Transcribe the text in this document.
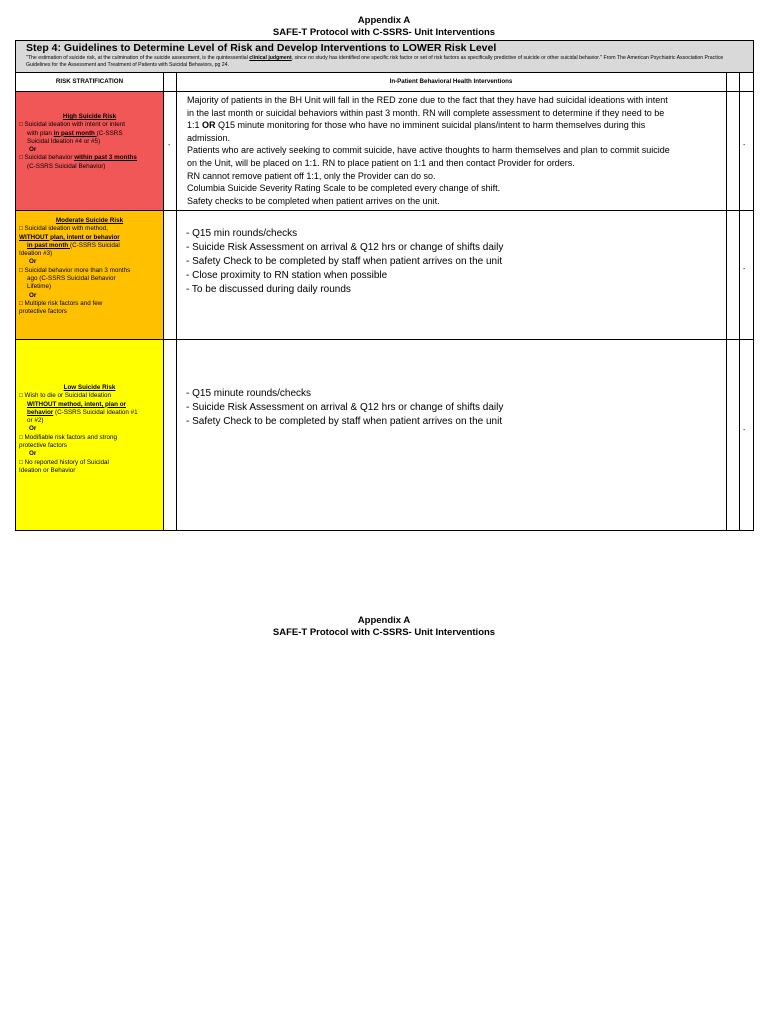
Appendix A
SAFE-T Protocol with C-SSRS- Unit Interventions
Step 4: Guidelines to Determine Level of Risk and Develop Interventions to LOWER Risk Level
"The estimation of suicide risk, at the culmination of the suicide assessment, is the quintessential clinical judgment, since no study has identified one specific risk factor or set of risk factors as specifically predictive of suicide or other suicidal behavior." From The American Psychiatric Association Practice Guidelines for the Assessment and Treatment of Patients with Suicidal Behaviors, pg 24.
RISK STRATIFICATION	In-Patient Behavioral Health Interventions
High Suicide Risk
□ Suicidal ideation with intent or intent
with plan in past month (C-SSRS
Suicidal Ideation #4 or #5)
Or
□ Suicidal behavior within past 3 months
(C-SSRS Suicidal Behavior)
-
Majority of patients in the BH Unit will fall in the RED zone due to the fact that they have had suicidal ideations with intent
in the last month or suicidal behaviors within past 3 month. RN will complete assessment to determine if they need to be
1:1 OR Q15 minute monitoring for those who have no imminent suicidal plans/intent to harm themselves during this
admission.
Patients who are actively seeking to commit suicide, have active thoughts to harm themselves and plan to commit suicide
on the Unit, will be placed on 1:1. RN to place patient on 1:1 and then contact Provider for orders.
RN cannot remove patient off 1:1, only the Provider can do so.
Columbia Suicide Severity Rating Scale to be completed every change of shift.
Safety checks to be completed when patient arrives on the unit.
-
Moderate Suicide Risk
□ Suicidal ideation with method,
WITHOUT plan, intent or behavior
in past month (C-SSRS Suicidal
Ideation #3)
Or
□ Suicidal behavior more than 3 months
ago (C-SSRS Suicidal Behavior
Lifetime)
Or
□ Multiple risk factors and few
protective factors
- Q15 min rounds/checks
- Suicide Risk Assessment on arrival & Q12 hrs or change of shifts daily
- Safety Check to be completed by staff when patient arrives on the unit
- Close proximity to RN station when possible
- To be discussed during daily rounds
-
Low Suicide Risk
□ Wish to die or Suicidal Ideation
WITHOUT method, intent, plan or
behavior (C-SSRS Suicidal Ideation #1
or #2)
Or
□ Modifiable risk factors and strong
protective factors
Or
□ No reported history of Suicidal
Ideation or Behavior
- Q15 minute rounds/checks
- Suicide Risk Assessment on arrival & Q12 hrs or change of shifts daily
- Safety Check to be completed by staff when patient arrives on the unit
-
Appendix A
SAFE-T Protocol with C-SSRS- Unit Interventions
